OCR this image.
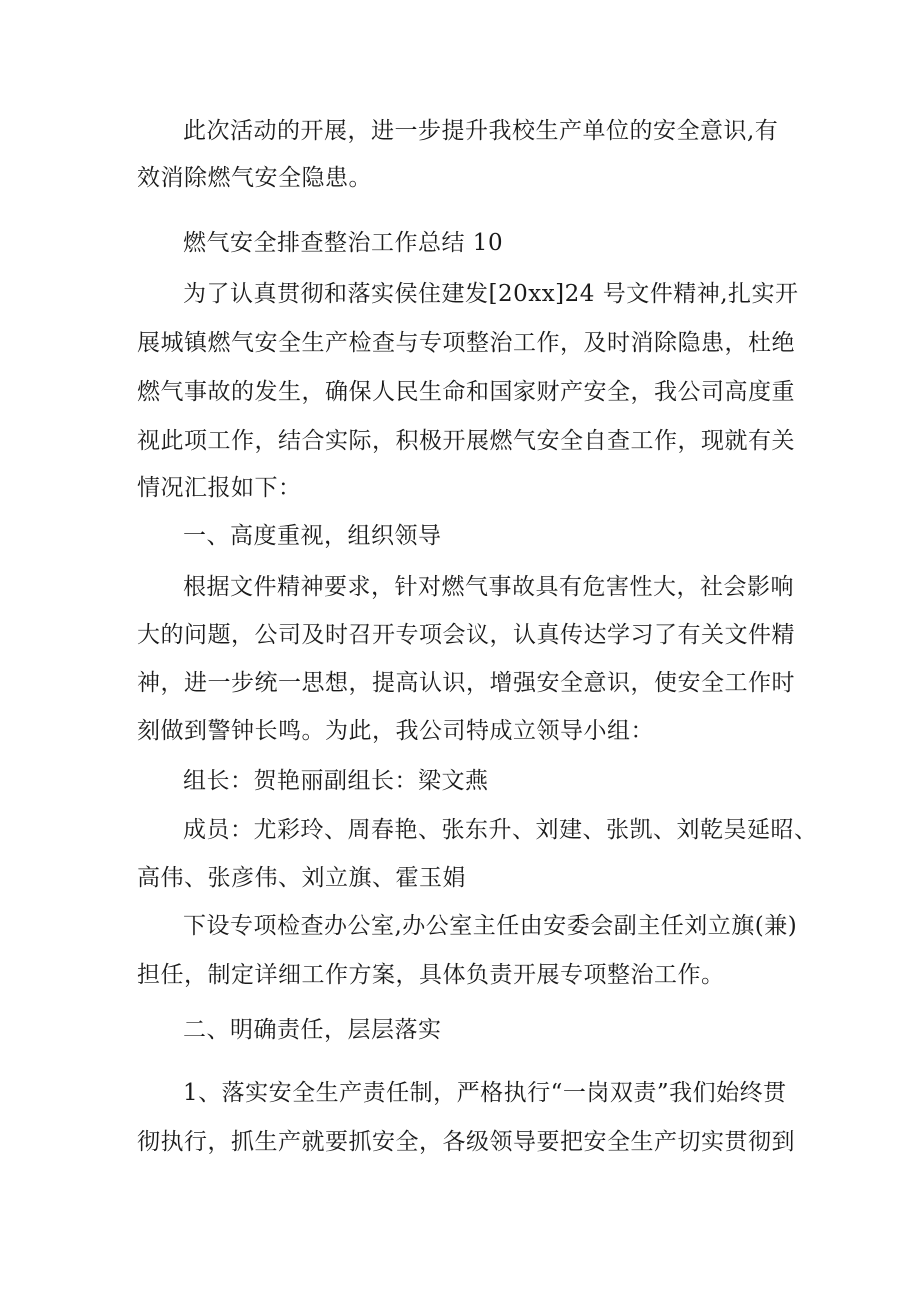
此次活动的开展，进一步提升我校生产单位的安全意识,有
效消除燃气安全隐患。
燃气安全排查整治工作总结 10
为了认真贯彻和落实侯住建发[20xx]24 号文件精神,扎实开
展城镇燃气安全生产检查与专项整治工作，及时消除隐患，杜绝
燃气事故的发生，确保人民生命和国家财产安全，我公司高度重
视此项工作，结合实际，积极开展燃气安全自查工作，现就有关
情况汇报如下：
一、高度重视，组织领导
根据文件精神要求，针对燃气事故具有危害性大，社会影响
大的问题，公司及时召开专项会议，认真传达学习了有关文件精
神，进一步统一思想，提高认识，增强安全意识，使安全工作时
刻做到警钟长鸣。为此，我公司特成立领导小组：
组长：贺艳丽副组长：梁文燕
成员：尤彩玲、周春艳、张东升、刘建、张凯、刘乾吴延昭、
高伟、张彦伟、刘立旗、霍玉娟
下设专项检查办公室,办公室主任由安委会副主任刘立旗(兼)
担任，制定详细工作方案，具体负责开展专项整治工作。
二、明确责任，层层落实
1、落实安全生产责任制，严格执行“一岗双责”我们始终贯
彻执行，抓生产就要抓安全，各级领导要把安全生产切实贯彻到
